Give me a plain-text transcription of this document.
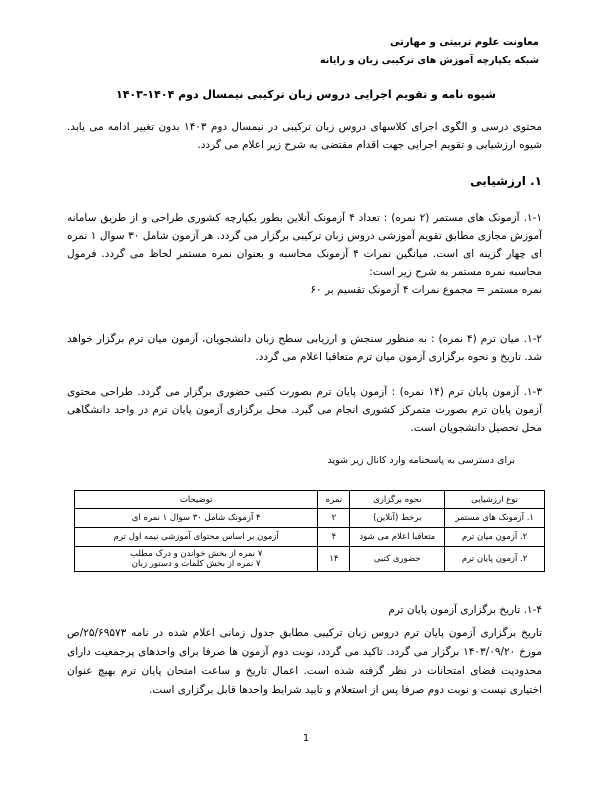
معاونت علوم تربیتی و مهارتی
شبکه یکپارچه آموزش های ترکیبی زبان و رایانه
شیوه نامه و تقویم اجرایی دروس زبان ترکیبی نیمسال دوم ۱۴۰۴-۱۴۰۳
محتوی درسی و الگوی اجرای کلاسهای دروس زبان ترکیبی در نیمسال دوم ۱۴۰۳ بدون تغییر ادامه می یابد. شیوه ارزشیابی و تقویم اجرایی جهت اقدام مقتضی به شرح زیر اعلام می گردد.
۱. ارزشیابی
۱-۱. آزمونک های مستمر (۲ نمره) : تعداد ۴ آزمونک آنلاین بطور یکپارچه کشوری طراحی و از طریق سامانه آموزش مجازی مطابق تقویم آموزشی دروس زبان ترکیبی برگزار می گردد. هر آزمون شامل ۳۰ سوال ۱ نمره ای چهار گزینه ای است. میانگین نمرات ۴ آزمونک محاسبه و بعنوان نمره مستمر لحاظ می گردد. فرمول محاسبه نمره مستمر به شرح زیر است:
نمره مستمر = مجموع نمرات ۴ آزمونک تقسیم بر ۶۰
۱-۲. میان ترم (۴ نمره) : به منظور سنجش و ارزیابی سطح زبان دانشجویان، آزمون میان ترم برگزار خواهد شد. تاریخ و نحوه برگزاری آزمون میان ترم متعاقبا اعلام می گردد.
۱-۳. آزمون پایان ترم (۱۴ نمره) : آزمون پایان ترم بصورت کتبی حضوری برگزار می گردد. طراحی محتوی آزمون پایان ترم بصورت متمرکز کشوری انجام می گیرد. محل برگزاری آزمون پایان ترم در واحد دانشگاهی محل تحصیل دانشجویان است.
برای دسترسی به پاسخنامه وارد کانال زیر شوید
نوع ارزشیابی	نحوه برگزاری	نمره	توضیحات
۱. آزمونک های مستمر	برخط (آنلاین)	۲	۴ آزمونک شامل ۳۰ سوال ۱ نمره ای
۲. آزمون میان ترم	متعاقبا اعلام می شود	۴	آزمون بر اساس محتوای آموزشی نیمه اول ترم
۲. آزمون پایان ترم	حضوری کتبی	۱۴	۷ نمره از بخش خواندن و درک مطلب
۷ نمره از بخش کلمات و دستور زبان
۱-۴. تاریخ برگزاری آزمون پایان ترم
تاریخ برگزاری آزمون پایان ترم دروس زبان ترکیبی مطابق جدول زمانی اعلام شده در نامه ۲۵/۶۹۵۷۳/ص مورخ ۱۴۰۳/۰۹/۲۰ برگزار می گردد. تاکید می گردد، نوبت دوم آزمون ها صرفا برای واحدهای پرجمعیت دارای محدودیت فضای امتحانات در نظر گرفته شده است. اعمال تاریخ و ساعت امتحان پایان ترم بهیچ عنوان اختیاری نیست و نوبت دوم صرفا پس از استعلام و تایید شرایط واحدها قابل برگزاری است.
1
